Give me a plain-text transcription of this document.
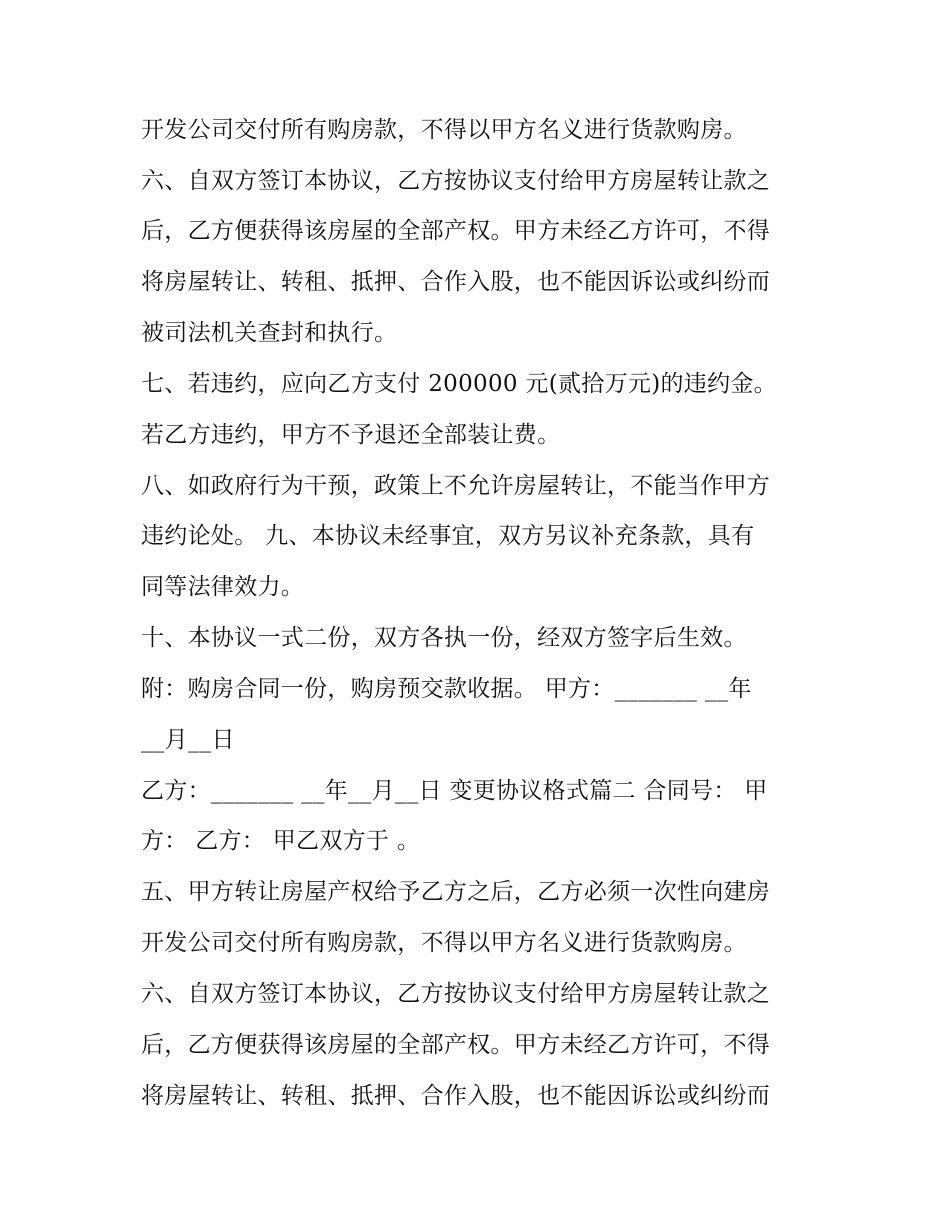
开发公司交付所有购房款，不得以甲方名义进行货款购房。
六、自双方签订本协议，乙方按协议支付给甲方房屋转让款之
后，乙方便获得该房屋的全部产权。甲方未经乙方许可，不得
将房屋转让、转租、抵押、合作入股，也不能因诉讼或纠纷而
被司法机关查封和执行。
七、若违约，应向乙方支付 200000 元(贰拾万元)的违约金。
若乙方违约，甲方不予退还全部装让费。
八、如政府行为干预，政策上不允许房屋转让，不能当作甲方
违约论处。 九、本协议未经事宜，双方另议补充条款，具有
同等法律效力。
十、本协议一式二份，双方各执一份，经双方签字后生效。
附：购房合同一份，购房预交款收据。 甲方：_______ __年
__月__日
乙方：_______ __年__月__日 变更协议格式篇二 合同号： 甲
方： 乙方： 甲乙双方于 。
五、甲方转让房屋产权给予乙方之后，乙方必须一次性向建房
开发公司交付所有购房款，不得以甲方名义进行货款购房。
六、自双方签订本协议，乙方按协议支付给甲方房屋转让款之
后，乙方便获得该房屋的全部产权。甲方未经乙方许可，不得
将房屋转让、转租、抵押、合作入股，也不能因诉讼或纠纷而
